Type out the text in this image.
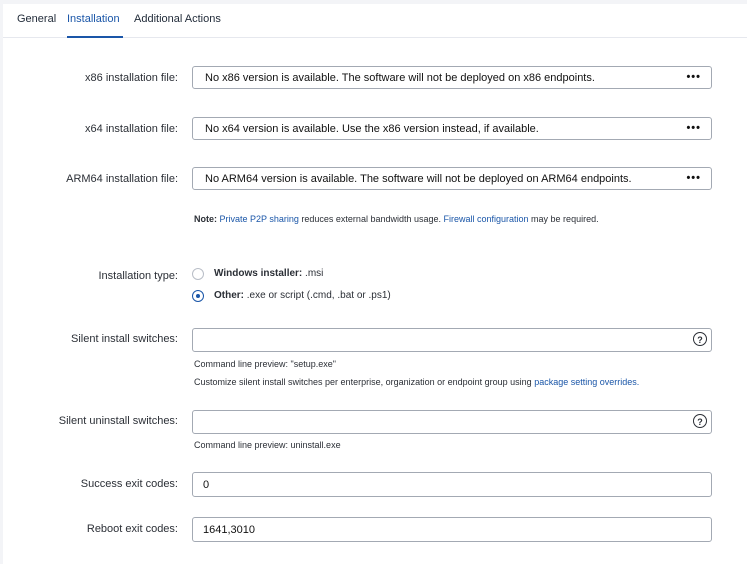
General Installation Additional Actions
x86 installation file: No x86 version is available. The software will not be deployed on x86 endpoints.	•••
x64 installation file: No x64 version is available. Use the x86 version instead, if available.	•••
ARM64 installation file: No ARM64 version is available. The software will not be deployed on ARM64 endpoints.	•••
Note: Private P2P sharing reduces external bandwidth usage. Firewall configuration may be required.
Installation type:	Windows installer: .msi
Other: .exe or script (.cmd, .bat or .ps1)
Silent install switches:	?
Command line preview: "setup.exe"
Customize silent install switches per enterprise, organization or endpoint group using package setting overrides.
Silent uninstall switches:	?
Command line preview: uninstall.exe
Success exit codes:
0
Reboot exit codes:
1641,3010
